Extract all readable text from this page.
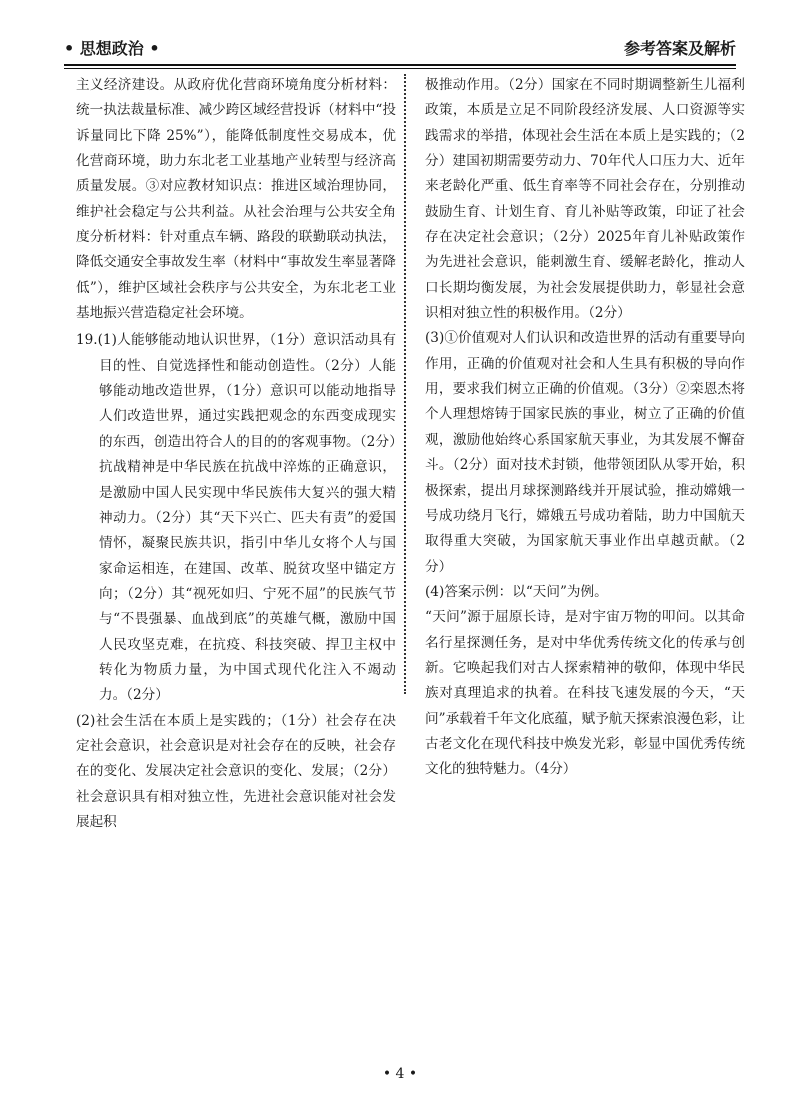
• 思想政治 •	参考答案及解析

主义经济建设。从政府优化营商环境角度分析材料：统一执法裁量标准、减少跨区域经营投诉（材料中“投诉量同比下降 25%”），能降低制度性交易成本，优化营商环境，助力东北老工业基地产业转型与经济高质量发展。③对应教材知识点：推进区域治理协同，维护社会稳定与公共利益。从社会治理与公共安全角度分析材料：针对重点车辆、路段的联勤联动执法，降低交通安全事故发生率（材料中“事故发生率显著降低”），维护区域社会秩序与公共安全，为东北老工业基地振兴营造稳定社会环境。

19.(1)人能够能动地认识世界，（1分）意识活动具有目的性、自觉选择性和能动创造性。（2分）人能够能动地改造世界，（1分）意识可以能动地指导人们改造世界，通过实践把观念的东西变成现实的东西，创造出符合人的目的的客观事物。（2分）抗战精神是中华民族在抗战中淬炼的正确意识，是激励中国人民实现中华民族伟大复兴的强大精神动力。（2分）其“天下兴亡、匹夫有责”的爱国情怀，凝聚民族共识，指引中华儿女将个人与国家命运相连，在建国、改革、脱贫攻坚中锚定方向；（2分）其“视死如归、宁死不屈”的民族气节与“不畏强暴、血战到底”的英雄气概，激励中国人民攻坚克难，在抗疫、科技突破、捍卫主权中转化为物质力量，为中国式现代化注入不竭动力。（2分）

(2)社会生活在本质上是实践的；（1分）社会存在决定社会意识，社会意识是对社会存在的反映，社会存在的变化、发展决定社会意识的变化、发展；（2分）社会意识具有相对独立性，先进社会意识能对社会发展起积

极推动作用。（2分）国家在不同时期调整新生儿福利政策，本质是立足不同阶段经济发展、人口资源等实践需求的举措，体现社会生活在本质上是实践的；（2分）建国初期需要劳动力、70年代人口压力大、近年来老龄化严重、低生育率等不同社会存在，分别推动鼓励生育、计划生育、育儿补贴等政策，印证了社会存在决定社会意识；（2分）2025年育儿补贴政策作为先进社会意识，能刺激生育、缓解老龄化，推动人口长期均衡发展，为社会发展提供助力，彰显社会意识相对独立性的积极作用。（2分）

(3)①价值观对人们认识和改造世界的活动有重要导向作用，正确的价值观对社会和人生具有积极的导向作用，要求我们树立正确的价值观。（3分）②栾恩杰将个人理想熔铸于国家民族的事业，树立了正确的价值观，激励他始终心系国家航天事业，为其发展不懈奋斗。（2分）面对技术封锁，他带领团队从零开始，积极探索，提出月球探测路线并开展试验，推动嫦娥一号成功绕月飞行，嫦娥五号成功着陆，助力中国航天取得重大突破，为国家航天事业作出卓越贡献。（2分）

(4)答案示例：以“天问”为例。

“天问”源于屈原长诗，是对宇宙万物的叩问。以其命名行星探测任务，是对中华优秀传统文化的传承与创新。它唤起我们对古人探索精神的敬仰，体现中华民族对真理追求的执着。在科技飞速发展的今天，“天问”承载着千年文化底蕴，赋予航天探索浪漫色彩，让古老文化在现代科技中焕发光彩，彰显中国优秀传统文化的独特魅力。（4分）

• 4 •
